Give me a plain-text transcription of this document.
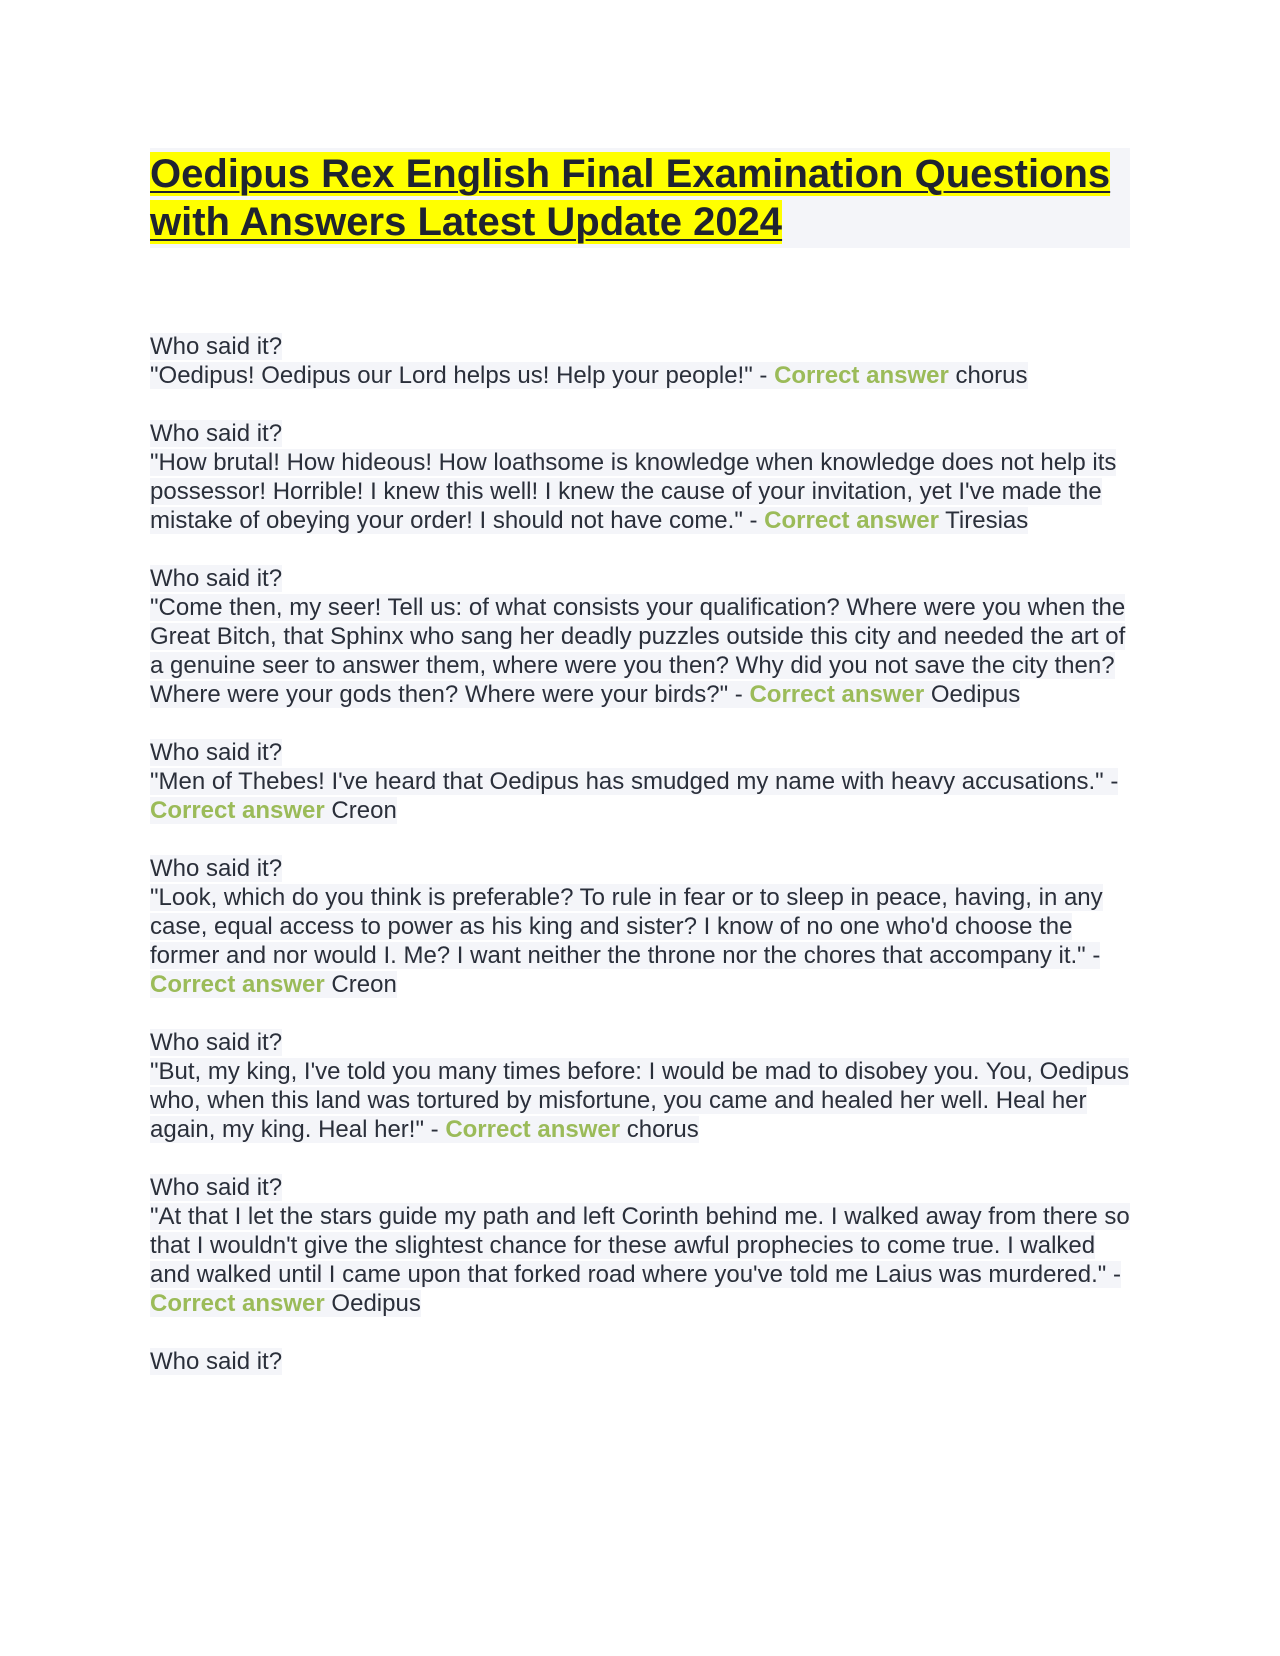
Oedipus Rex English Final Examination Questions with Answers Latest Update 2024
Who said it?
"Oedipus! Oedipus our Lord helps us! Help your people!" - Correct answer chorus
Who said it?
"How brutal! How hideous! How loathsome is knowledge when knowledge does not help its possessor! Horrible! I knew this well! I knew the cause of your invitation, yet I've made the mistake of obeying your order! I should not have come." - Correct answer Tiresias
Who said it?
"Come then, my seer! Tell us: of what consists your qualification? Where were you when the Great Bitch, that Sphinx who sang her deadly puzzles outside this city and needed the art of a genuine seer to answer them, where were you then? Why did you not save the city then? Where were your gods then? Where were your birds?" - Correct answer Oedipus
Who said it?
"Men of Thebes! I've heard that Oedipus has smudged my name with heavy accusations." - Correct answer Creon
Who said it?
"Look, which do you think is preferable? To rule in fear or to sleep in peace, having, in any case, equal access to power as his king and sister? I know of no one who'd choose the former and nor would I. Me? I want neither the throne nor the chores that accompany it." - Correct answer Creon
Who said it?
"But, my king, I've told you many times before: I would be mad to disobey you. You, Oedipus who, when this land was tortured by misfortune, you came and healed her well. Heal her again, my king. Heal her!" - Correct answer chorus
Who said it?
"At that I let the stars guide my path and left Corinth behind me. I walked away from there so that I wouldn't give the slightest chance for these awful prophecies to come true. I walked and walked until I came upon that forked road where you've told me Laius was murdered." - Correct answer Oedipus
Who said it?
